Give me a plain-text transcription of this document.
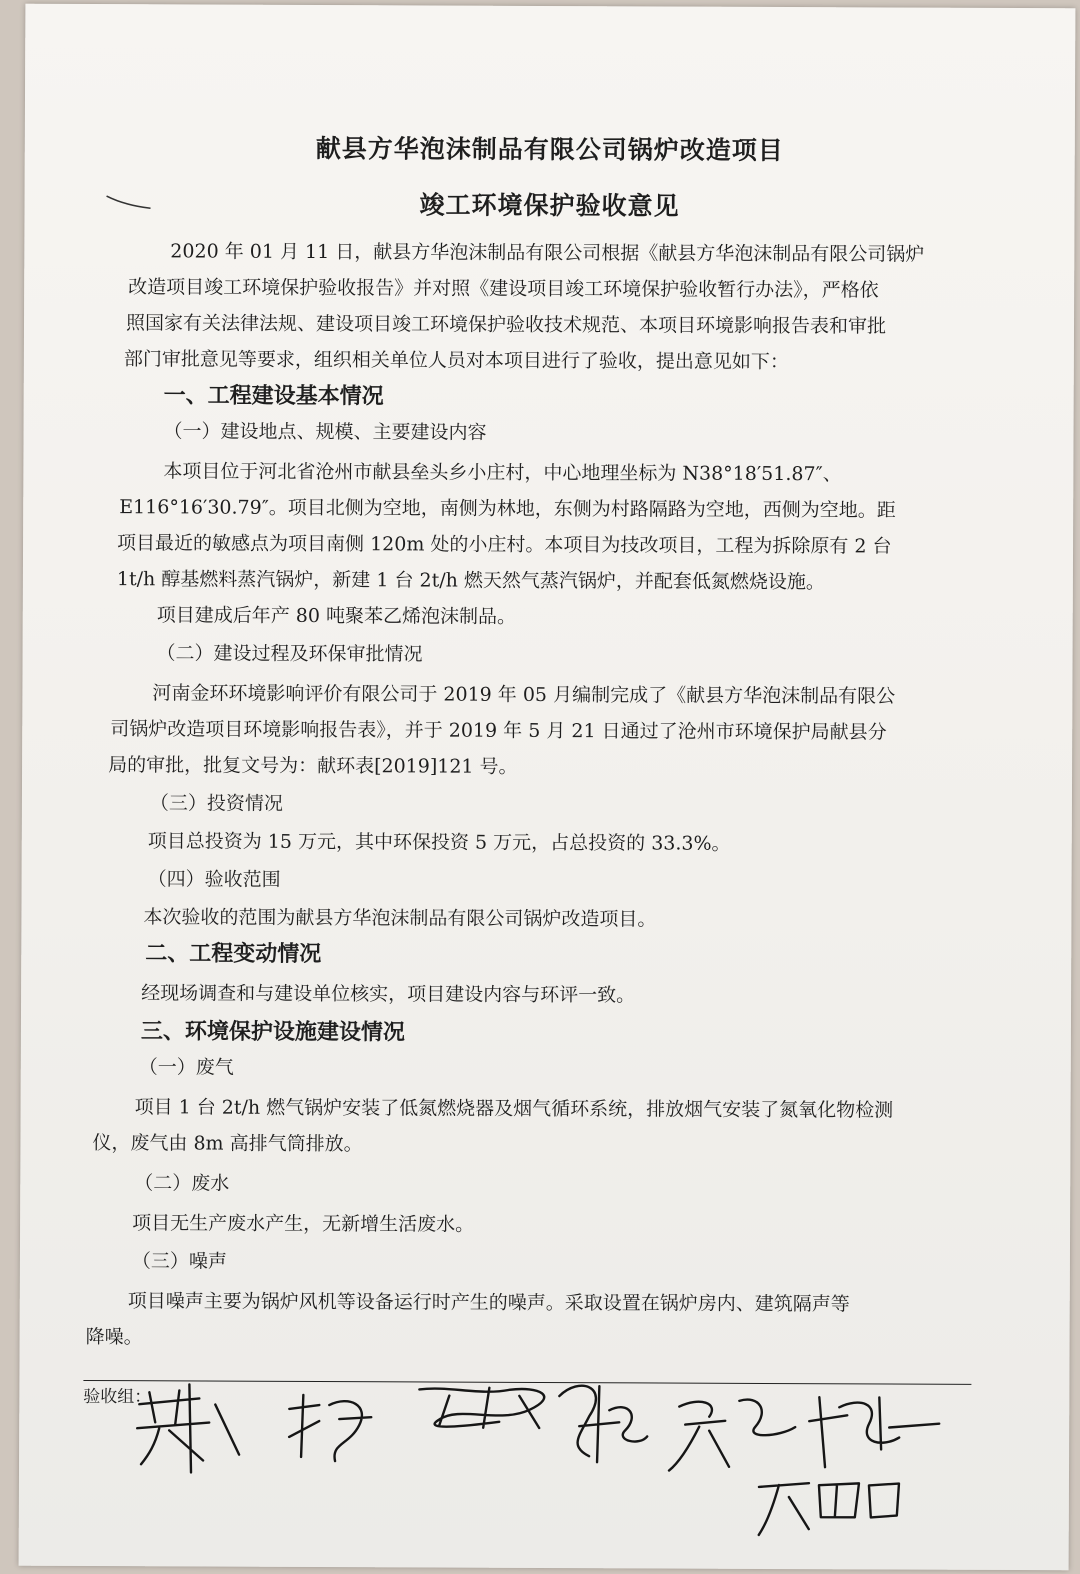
献县方华泡沫制品有限公司锅炉改造项目
竣工环境保护验收意见
2020 年 01 月 11 日，献县方华泡沫制品有限公司根据《献县方华泡沫制品有限公司锅炉
改造项目竣工环境保护验收报告》并对照《建设项目竣工环境保护验收暂行办法》，严格依
照国家有关法律法规、建设项目竣工环境保护验收技术规范、本项目环境影响报告表和审批
部门审批意见等要求，组织相关单位人员对本项目进行了验收，提出意见如下：
一、工程建设基本情况
（一）建设地点、规模、主要建设内容
本项目位于河北省沧州市献县垒头乡小庄村，中心地理坐标为 N38°18′51.87″、
E116°16′30.79″。项目北侧为空地，南侧为林地，东侧为村路隔路为空地，西侧为空地。距
项目最近的敏感点为项目南侧 120m 处的小庄村。本项目为技改项目，工程为拆除原有 2 台
1t/h 醇基燃料蒸汽锅炉，新建 1 台 2t/h 燃天然气蒸汽锅炉，并配套低氮燃烧设施。
项目建成后年产 80 吨聚苯乙烯泡沫制品。
（二）建设过程及环保审批情况
河南金环环境影响评价有限公司于 2019 年 05 月编制完成了《献县方华泡沫制品有限公
司锅炉改造项目环境影响报告表》，并于 2019 年 5 月 21 日通过了沧州市环境保护局献县分
局的审批，批复文号为：献环表[2019]121 号。
（三）投资情况
项目总投资为 15 万元，其中环保投资 5 万元，占总投资的 33.3%。
（四）验收范围
本次验收的范围为献县方华泡沫制品有限公司锅炉改造项目。
二、工程变动情况
经现场调查和与建设单位核实，项目建设内容与环评一致。
三、环境保护设施建设情况
（一）废气
项目 1 台 2t/h 燃气锅炉安装了低氮燃烧器及烟气循环系统，排放烟气安装了氮氧化物检测
仪，废气由 8m 高排气筒排放。
（二）废水
项目无生产废水产生，无新增生活废水。
（三）噪声
项目噪声主要为锅炉风机等设备运行时产生的噪声。采取设置在锅炉房内、建筑隔声等
降噪。
验收组：
